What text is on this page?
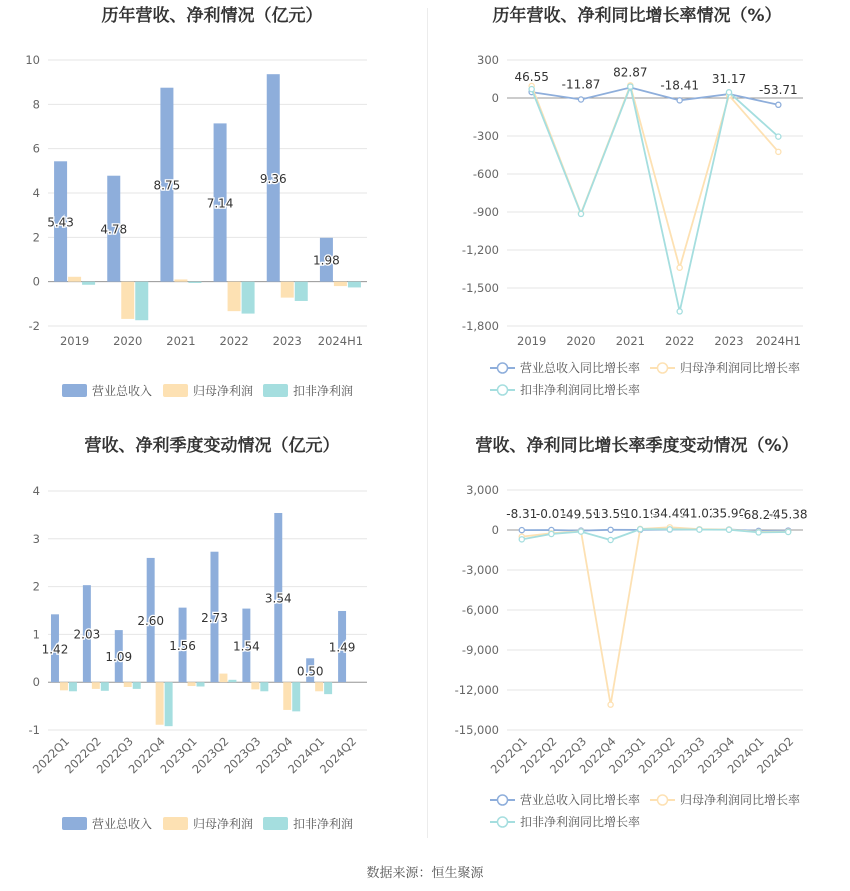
历年营收、净利情况（亿元）
-2
0
2
4
6
8
10
2019 2020 2021 2022 2023 2024H1
5.43
4.78
8.75
7.14
9.36
1.98
营业总收入	归母净利润	扣非净利润
历年营收、净利同比增长率情况（%）
-1,800
-1,500
-1,200
-900
-600
-300
0
300
2019 2020 2021 2022 2023 2024H1
46.55
-11.87
82.87
-18.41 31.17
-53.71
营业总收入同比增长率	归母净利润同比增长率
扣非净利润同比增长率
营收、净利季度变动情况（亿元）
-1
0
1
2
3
4
2022Q1
2022Q2
2022Q3
2022Q4
2023Q1
2023Q2
2023Q3
2023Q4
2024Q1
2024Q2
1.42
2.03
1.09
2.60
1.56
2.73
1.54
3.54
0.50
1.49
营业总收入	归母净利润	扣非净利润
营收、净利同比增长率季度变动情况（%）
-15,000
-12,000
-9,000
-6,000
-3,000
0
3,000
2022Q1
2022Q2
2022Q3
2022Q4
2023Q1
2023Q2
2023Q3
2023Q4
2024Q1
2024Q2
-8.31
-0.01
-49.59
13.59
10.19
34.49
41.02
35.90
-68.24
-45.38
营业总收入同比增长率	归母净利润同比增长率
扣非净利润同比增长率
数据来源：恒生聚源
